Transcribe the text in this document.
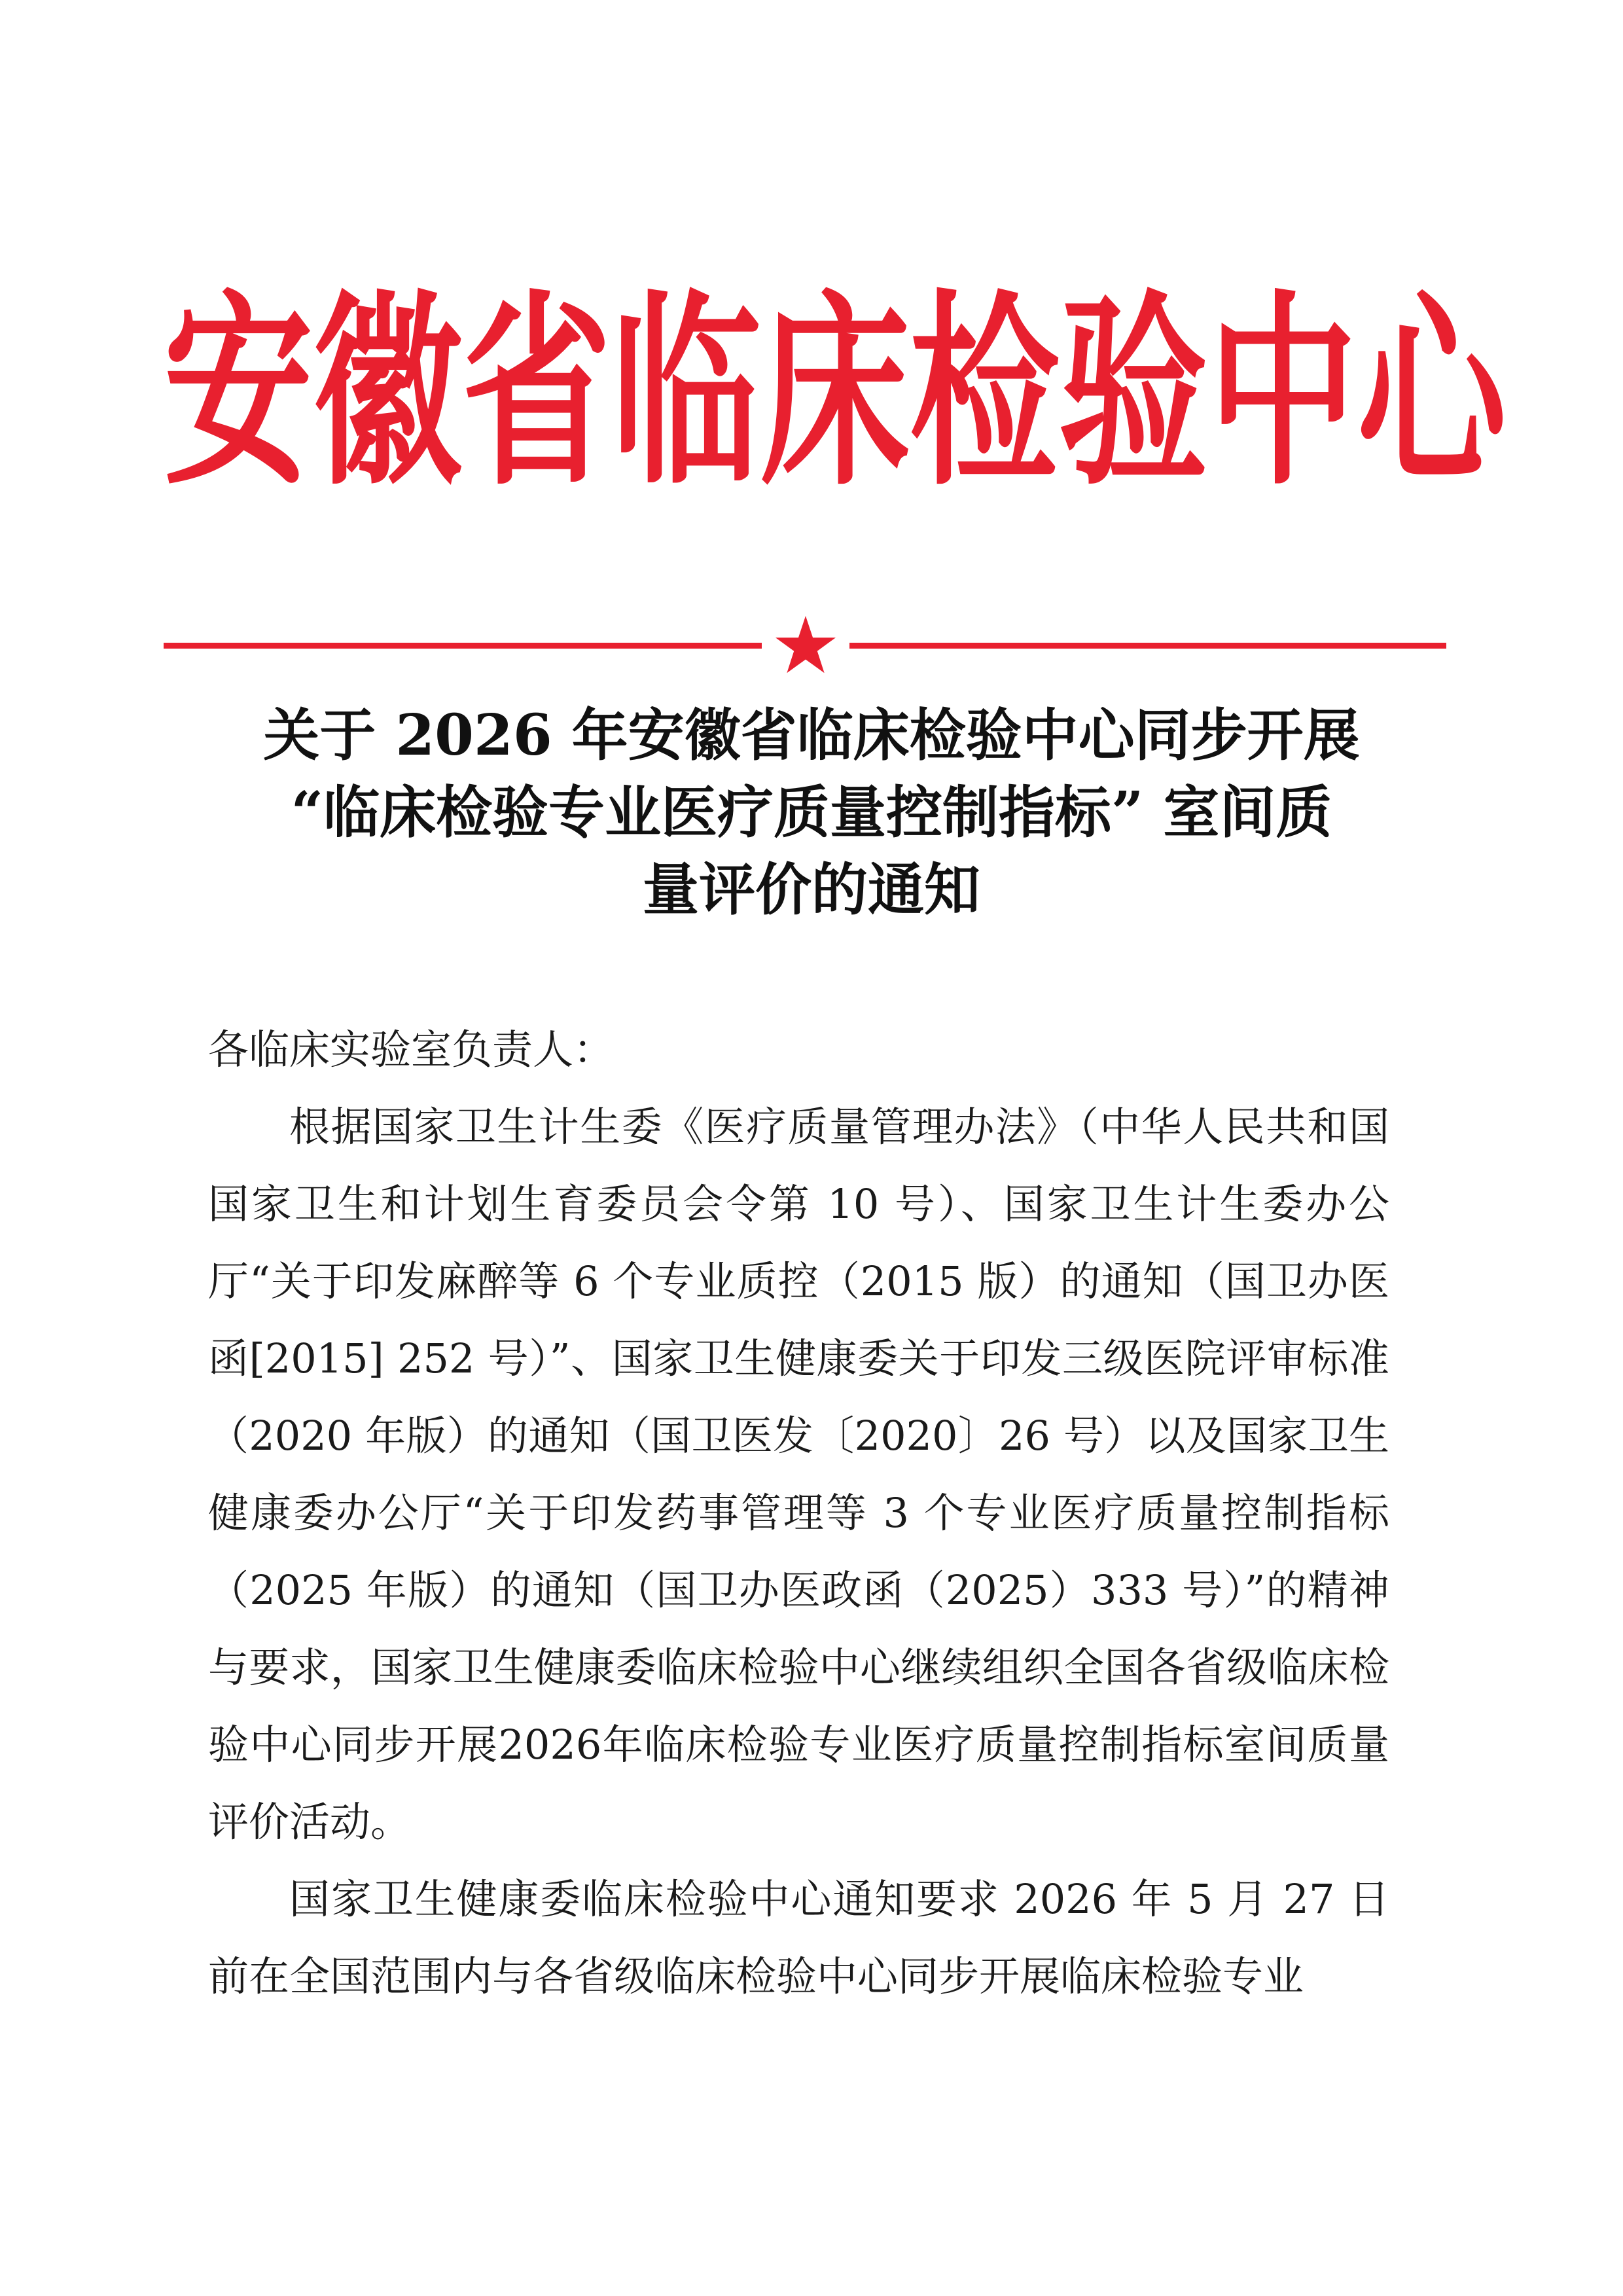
安 徽 省 临 床 检 验 中 心
关于 2026 年安徽省临床检验中心同步开展
“临床检验专业医疗质量控制指标” 室间质
量评价的通知

各临床实验室负责人：

根据国家卫生计生委《医疗质量管理办法》（中华人民共和国国家卫生和计划生育委员会令第 10 号）、国家卫生计生委办公厅“关于印发麻醉等 6 个专业质控（2015 版）的通知（国卫办医函[2015] 252 号）”、国家卫生健康委关于印发三级医院评审标准（2020 年版）的通知（国卫医发〔2020〕26 号）以及国家卫生健康委办公厅“关于印发药事管理等 3 个专业医疗质量控制指标（2025 年版）的通知（国卫办医政函（2025）333 号）”的精神与要求，国家卫生健康委临床检验中心继续组织全国各省级临床检验中心同步开展2026年临床检验专业医疗质量控制指标室间质量评价活动。

国家卫生健康委临床检验中心通知要求 2026 年 5 月 27 日前在全国范围内与各省级临床检验中心同步开展临床检验专业
